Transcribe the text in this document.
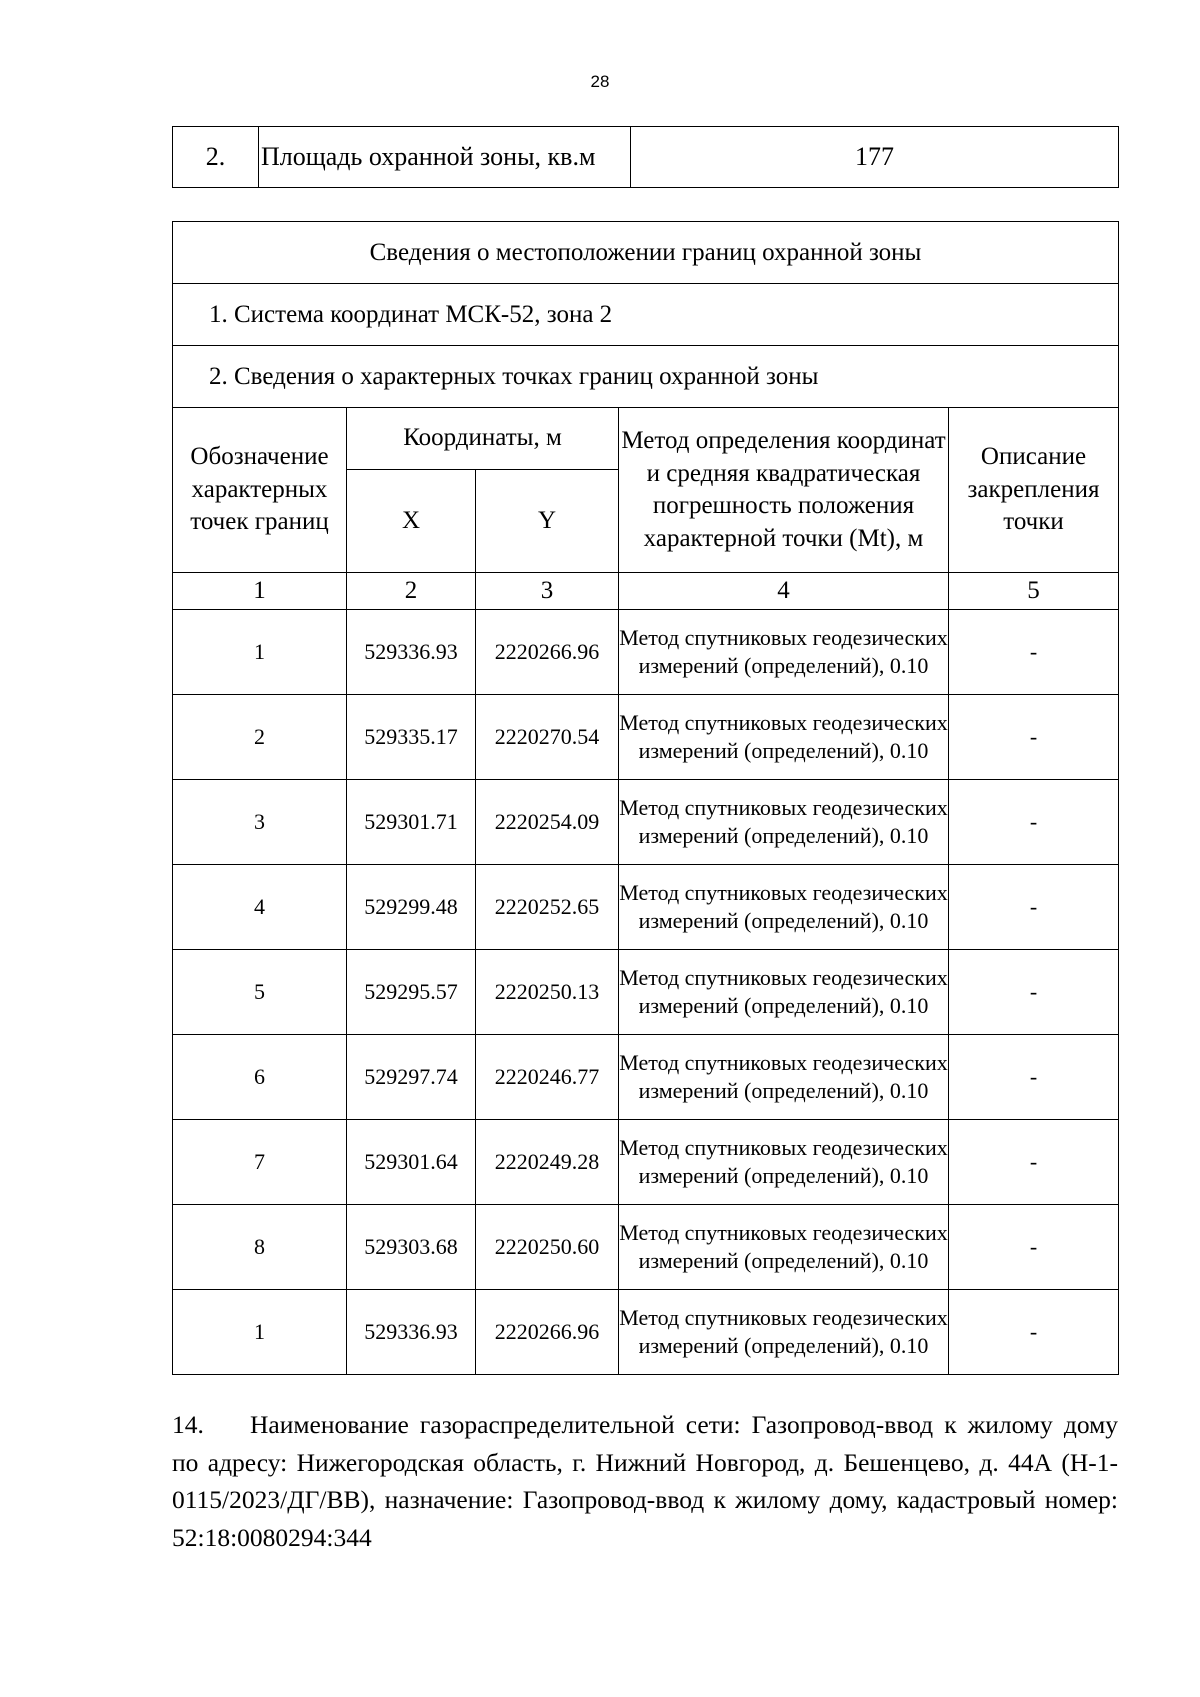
28
2.	Площадь охранной зоны, кв.м	177
Сведения о местоположении границ охранной зоны				
1. Система координат МСК-52, зона 2				
2. Сведения о характерных точках границ охранной зоны				
Обозначение характерных точек границ	Координаты, м		Метод определения координат и средняя квадратическая погрешность положения характерной точки (Mt), м	Описание закрепления точки
	X	Y		
1	2	3	4	5
1	529336.93	2220266.96	Метод спутниковых геодезических измерений (определений), 0.10	-
2	529335.17	2220270.54	Метод спутниковых геодезических измерений (определений), 0.10	-
3	529301.71	2220254.09	Метод спутниковых геодезических измерений (определений), 0.10	-
4	529299.48	2220252.65	Метод спутниковых геодезических измерений (определений), 0.10	-
5	529295.57	2220250.13	Метод спутниковых геодезических измерений (определений), 0.10	-
6	529297.74	2220246.77	Метод спутниковых геодезических измерений (определений), 0.10	-
7	529301.64	2220249.28	Метод спутниковых геодезических измерений (определений), 0.10	-
8	529303.68	2220250.60	Метод спутниковых геодезических измерений (определений), 0.10	-
1	529336.93	2220266.96	Метод спутниковых геодезических измерений (определений), 0.10	-
14. Наименование газораспределительной сети: Газопровод-ввод к жилому дому по адресу: Нижегородская область, г. Нижний Новгород, д. Бешенцево, д. 44А (Н-1-0115/2023/ДГ/ВВ), назначение: Газопровод-ввод к жилому дому, кадастровый номер: 52:18:0080294:344
